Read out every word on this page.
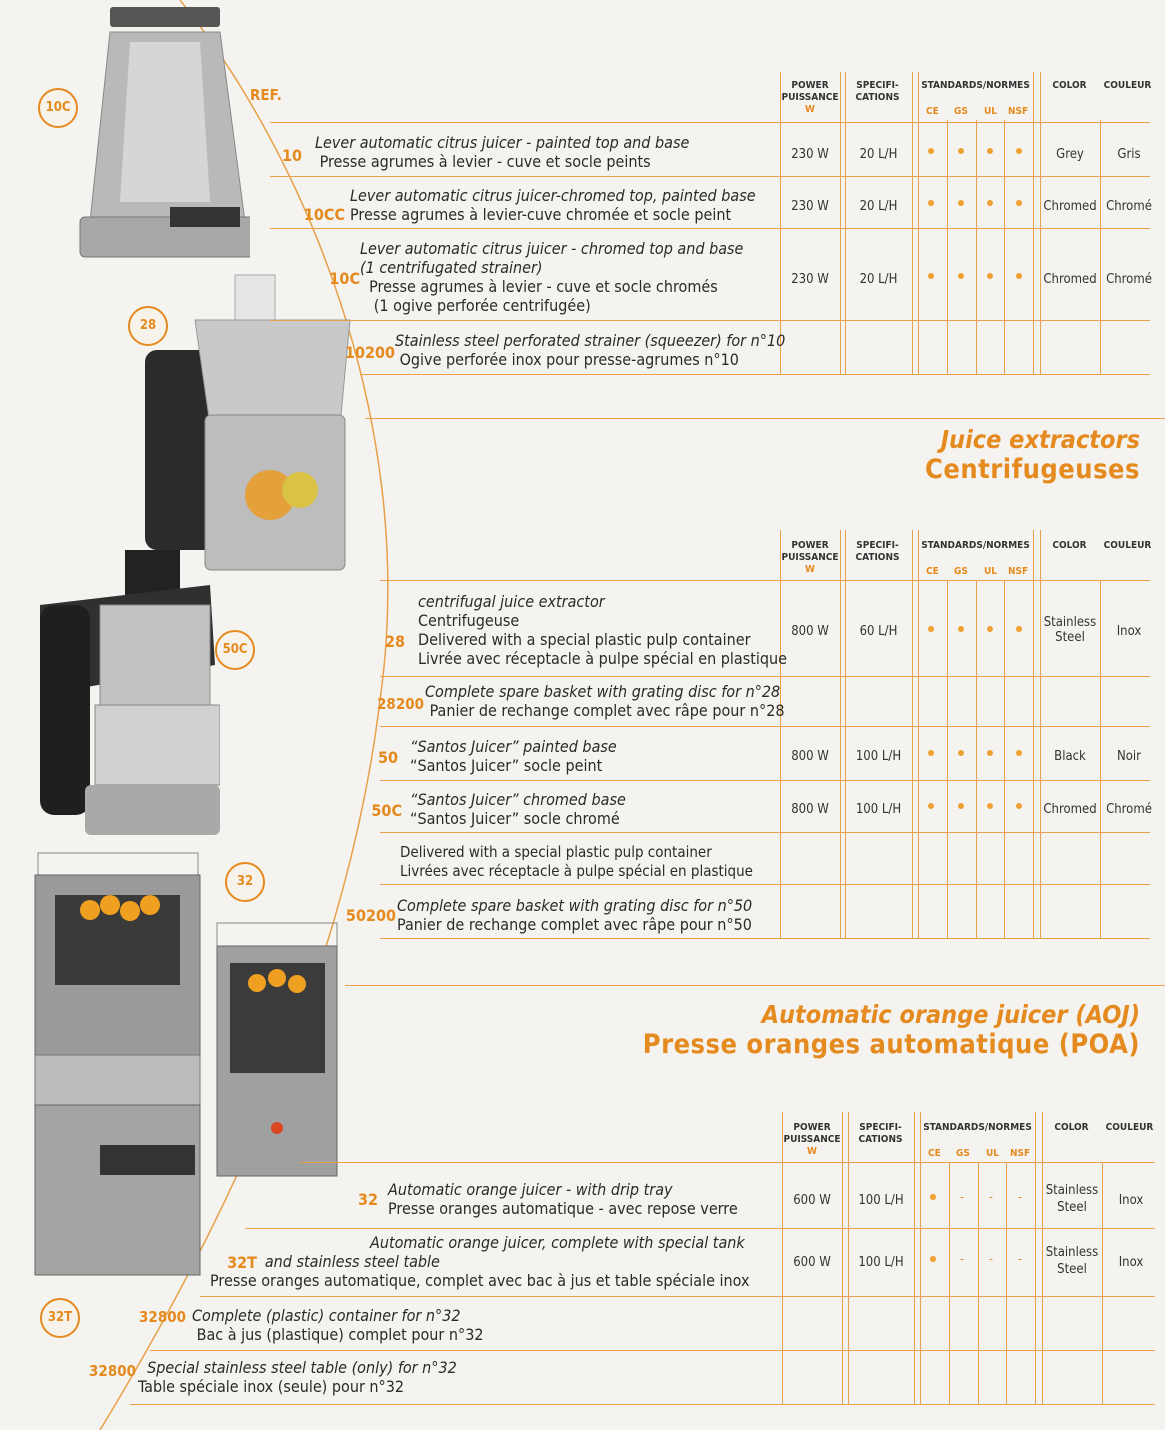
10C
28
50C
32
32T
REF.
POWER
PUISSANCE
W
SPECIFI-
CATIONS
STANDARDS/NORMES
CE GS UL NSF
COLOR	COULEUR
10
Lever automatic citrus juicer - painted top and base
Presse agrumes à levier - cuve et socle peints	230 W	20 L/H	Grey	Gris
10CC
Lever automatic citrus juicer-chromed top, painted base
Presse agrumes à levier-cuve chromée et socle peint	230 W	20 L/H	Chromed Chromé
10C
Lever automatic citrus juicer - chromed top and base
(1 centrifugated strainer)
Presse agrumes à levier - cuve et socle chromés
(1 ogive perforée centrifugée)
230 W	20 L/H	Chromed Chromé
10200
Stainless steel perforated strainer (squeezer) for n°10
Ogive perforée inox pour presse-agrumes n°10
Juice extractors
Centrifugeuses
POWER
PUISSANCE
W
SPECIFI-
CATIONS
STANDARDS/NORMES
CE GS UL NSF
COLOR	COULEUR
28
centrifugal juice extractor
Centrifugeuse
Delivered with a special plastic pulp container
Livrée avec réceptacle à pulpe spécial en plastique
800 W	60 L/H
Stainless Steel	Inox
28200
Complete spare basket with grating disc for n°28
Panier de rechange complet avec râpe pour n°28
50
“Santos Juicer” painted base
“Santos Juicer” socle peint	800 W	100 L/H	Black	Noir
50C
“Santos Juicer” chromed base
“Santos Juicer” socle chromé	800 W	100 L/H	Chromed Chromé
Delivered with a special plastic pulp container
Livrées avec réceptacle à pulpe spécial en plastique
50200
Complete spare basket with grating disc for n°50
Panier de rechange complet avec râpe pour n°50
Automatic orange juicer (AOJ)
Presse oranges automatique (POA)
POWER
PUISSANCE
W
SPECIFI-
CATIONS
STANDARDS/NORMES
CE GS UL NSF
COLOR	COULEUR
32
Automatic orange juicer - with drip tray
Presse oranges automatique - avec repose verre	600 W	100 L/H	- - - Stainless Steel	Inox
32T
Automatic orange juicer, complete with special tank
and stainless steel table
Presse oranges automatique, complet avec bac à jus et table spéciale inox
600 W	100 L/H	- - - Stainless Steel	Inox
32800 Complete (plastic) container for n°32
Bac à jus (plastique) complet pour n°32
32800 Special stainless steel table (only) for n°32
Table spéciale inox (seule) pour n°32
